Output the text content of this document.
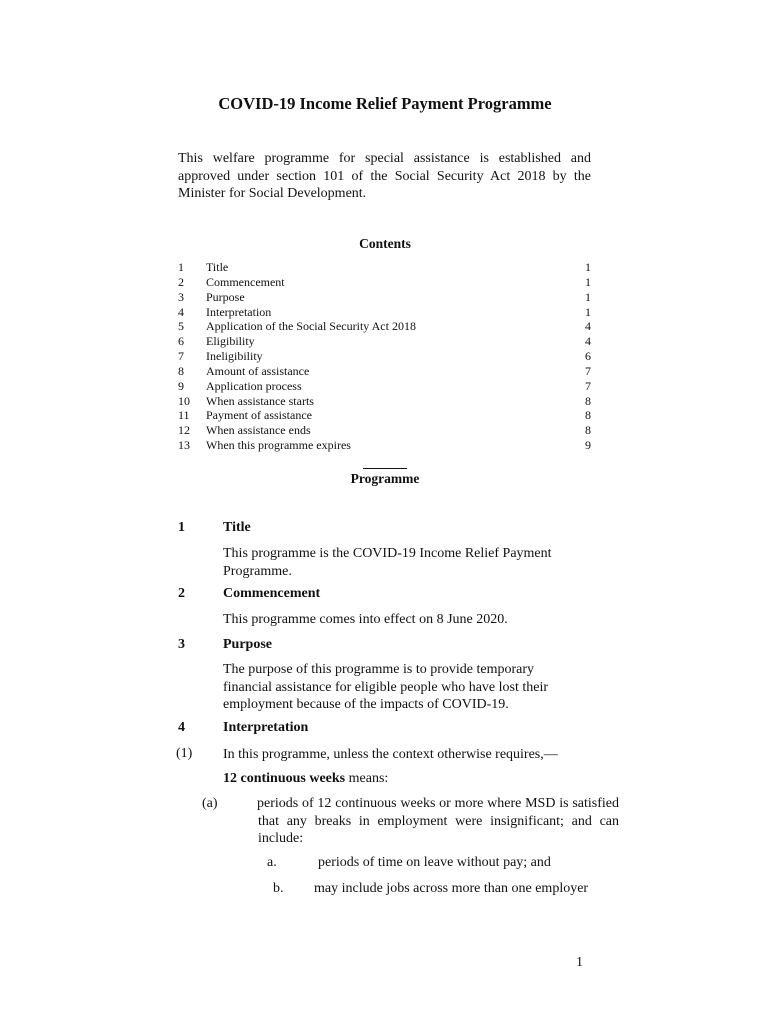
COVID-19 Income Relief Payment Programme
This welfare programme for special assistance is established and approved under section 101 of the Social Security Act 2018 by the Minister for Social Development.
Contents
1	Title	1
2	Commencement	1
3	Purpose	1
4	Interpretation	1
5	Application of the Social Security Act 2018	4
6	Eligibility	4
7	Ineligibility	6
8	Amount of assistance	7
9	Application process	7
10	When assistance starts	8
11	Payment of assistance	8
12	When assistance ends	8
13	When this programme expires	9
Programme
1	Title
This programme is the COVID-19 Income Relief Payment
Programme.
2	Commencement
This programme comes into effect on 8 June 2020.
3	Purpose
The purpose of this programme is to provide temporary
financial assistance for eligible people who have lost their
employment because of the impacts of COVID-19.
4	Interpretation
(1) In this programme, unless the context otherwise requires,—
12 continuous weeks means:
(a)	periods of 12 continuous weeks or more where MSD is satisfied that any breaks in employment were insignificant; and can include:
a.	periods of time on leave without pay; and
b. may include jobs across more than one employer
1
